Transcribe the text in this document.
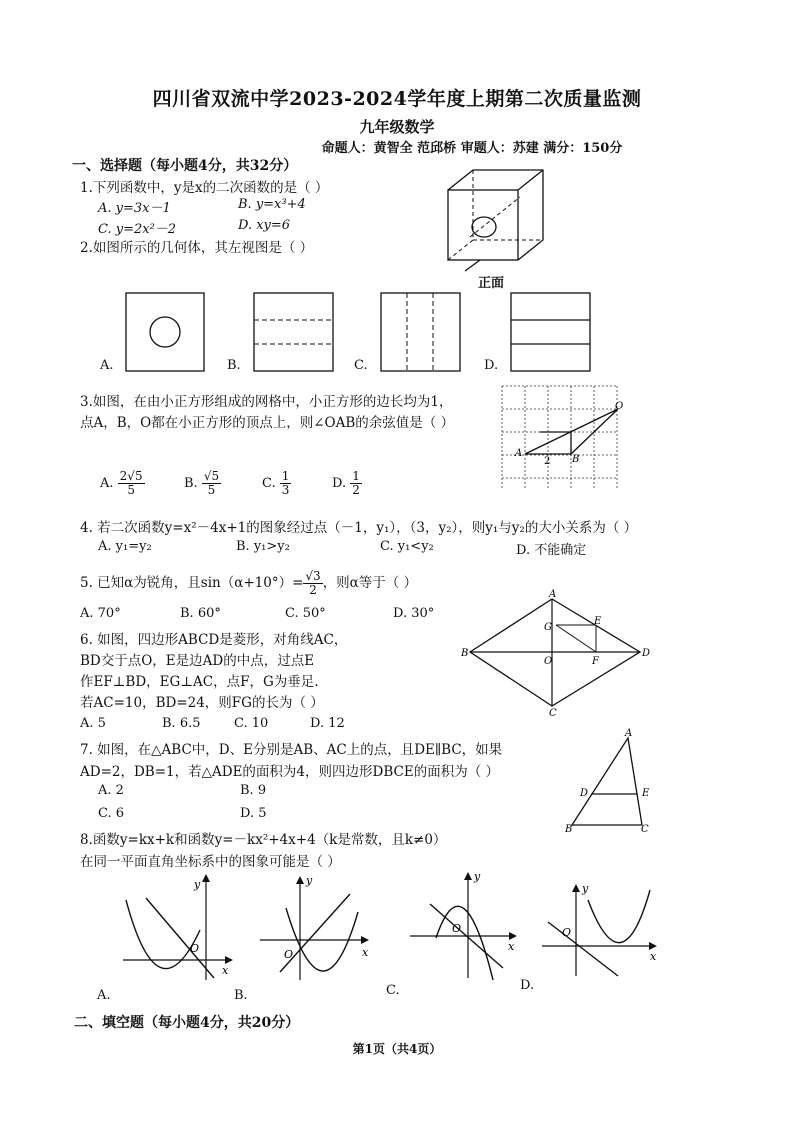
四川省双流中学2023-2024学年度上期第二次质量监测
九年级数学
命题人：黄智全 范邱桥 审题人：苏建 满分：150分
一、选择题（每小题4分，共32分）
1.下列函数中，y是x的二次函数的是（ ）
A. y=3x－1	B. y=x³+4
C. y=2x²－2	D. xy=6
正面
2.如图所示的几何体，其左视图是（ ）
A.	B.	C.	D.
3.如图，在由小正方形组成的网格中，小正方形的边长均为1，
点A，B，O都在小正方形的顶点上，则∠OAB的余弦值是（ ）
A. $\frac{2√5}{5}$	B. $\frac{√5}{5}$	C. $\frac{1}{3}$	D. $\frac{1}{2}$
A
B
O
2
4. 若二次函数y=x²－4x+1的图象经过点（－1，y₁），（3，y₂），则y₁与y₂的大小关系为（ ）
A. y₁=y₂	B. y₁>y₂	C. y₁<y₂	D. 不能确定
5. 已知α为锐角，且$\sin(\alpha+10^\circ)= \frac{√3}{2}$ ，则α等于（ ）
A. 70°	B. 60°	C. 50°	D. 30°
6. 如图，四边形ABCD是菱形，对角线AC，
BD交于点O，E是边AD的中点，过点E
作EF⊥BD，EG⊥AC，点F，G为垂足.
若AC=10，BD=24，则FG的长为（ ）
A. 5	B. 6.5	C. 10	D. 12
A
B
C
D
O
E
G
F
7. 如图，在△ABC中，D、E分别是AB、AC上的点，且DE∥BC，如果
AD=2，DB=1，若△ADE的面积为4，则四边形DBCE的面积为（ ）
A. 2	B. 9
C. 6	D. 5
A
B	C
D	E
8.函数y=kx+k和函数y=－kx²+4x+4（k是常数，且k≠0）
在同一平面直角坐标系中的图象可能是（ ）
O
x
y
O	x
y
O
x
y
O
x
y
A.	B.	C.	D.
二、填空题（每小题4分，共20分）
第1页（共4页）
